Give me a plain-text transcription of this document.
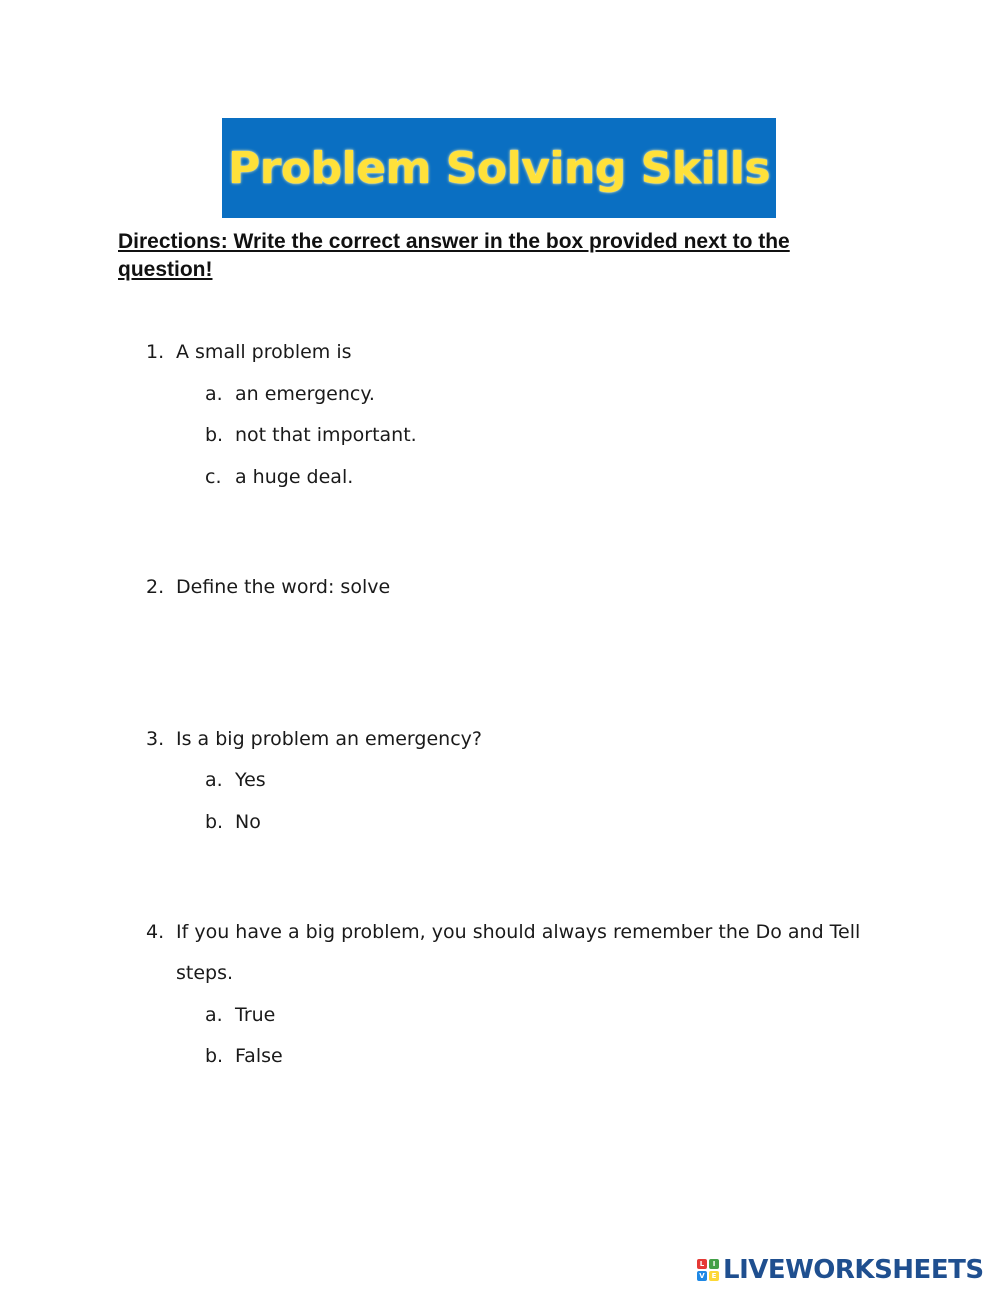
Problem Solving Skills
Directions: Write the correct answer in the box provided next to the question!
1. A small problem is
a. an emergency.
b. not that important.
c. a huge deal.
2. Define the word: solve
3. Is a big problem an emergency?
a. Yes
b. No
4. If you have a big problem, you should always remember the Do and Tell
steps.
a. True
b. False
L	I
V E LIVEWORKSHEETS
